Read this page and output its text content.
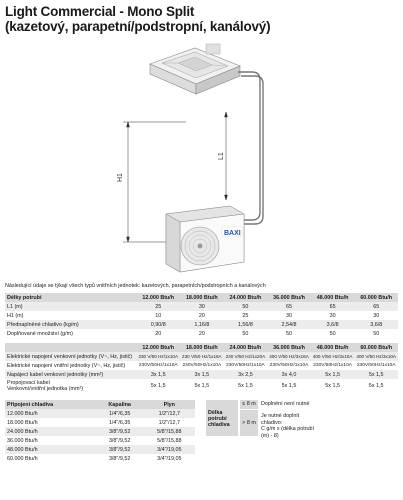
Light Commercial - Mono Split
(kazetový, parapetní/podstropní, kanálový)
H1
L1
BAXI
Následující údaje se týkají všech typů vnitřních jednotek: kazetových, parapetních/podstropních a kanálových
Délky potrubí	12.000 Btu/h	18.000 Btu/h	24.000 Btu/h	36.000 Btu/h	48.000 Btu/h	60.000 Btu/h
L1 (m)	25	30	50	65	65	65
H1 (m)	10	20	25	30	30	30
Přednaplněné chladivo (kg/m)	0,90/8	1,16/8	1,56/8	2,54/8	3,6/8	3,6/8
Doplňované množství (g/m)	20	20	50	50	50	50

	12.000 Btu/h	18.000 Btu/h	24.000 Btu/h	36.000 Btu/h	48.000 Btu/h	60.000 Btu/h
Elektrické napojení venkovní jednotky (V~, Hz, jistič)	230 V/50 Hz/1x10A	230 V/50 Hz/1x16A	230 V/50 Hz/1x20A	400 V/50 Hz/3x16A	400 V/50 Hz/3x10A	400 V/50 Hz/3x10A
Elektrické napojení vnitřní jednotky (V~, Hz, jistič)	230V/50Hz/1x10A	230V/50Hz/1x10A	230V/50Hz/1x10A	230V/50Hz/1x10A	230V/50Hz/1x10A	230V/50Hz/1x10A
Napájecí kabel venkovní jednotky (mm²)	3x 1,5	3x 1,5	3x 2,5	3x 4,0	5x 1,5	5x 1,5

Propojovací kabel
Venkovní/vnitřní jednotka (mm²)	5x 1,5	5x 1,5	5x 1,5	5x 1,5	5x 1,5	5x 1,5
Připojení chladiva	Kapalina	Plyn
12.000 Btu/h	1/4"/6,35	1/2"/12,7
18.000 Btu/h	1/4"/6,35	1/2"/12,7
24.000 Btu/h	3/8"/9,52	5/8"/15,88
36.000 Btu/h	3/8"/9,52	5/8"/15,88
48.000 Btu/h	3/8"/9,52	3/4"/19,05
60.000 Btu/h	3/8"/9,52	3/4"/19,05
Délka potrubí chladiva
≤ 8 m Doplnění není nutné
> 8 m
Je nutné doplnit chladivo:
C g/m x (délka potrubí (m) - 8)
